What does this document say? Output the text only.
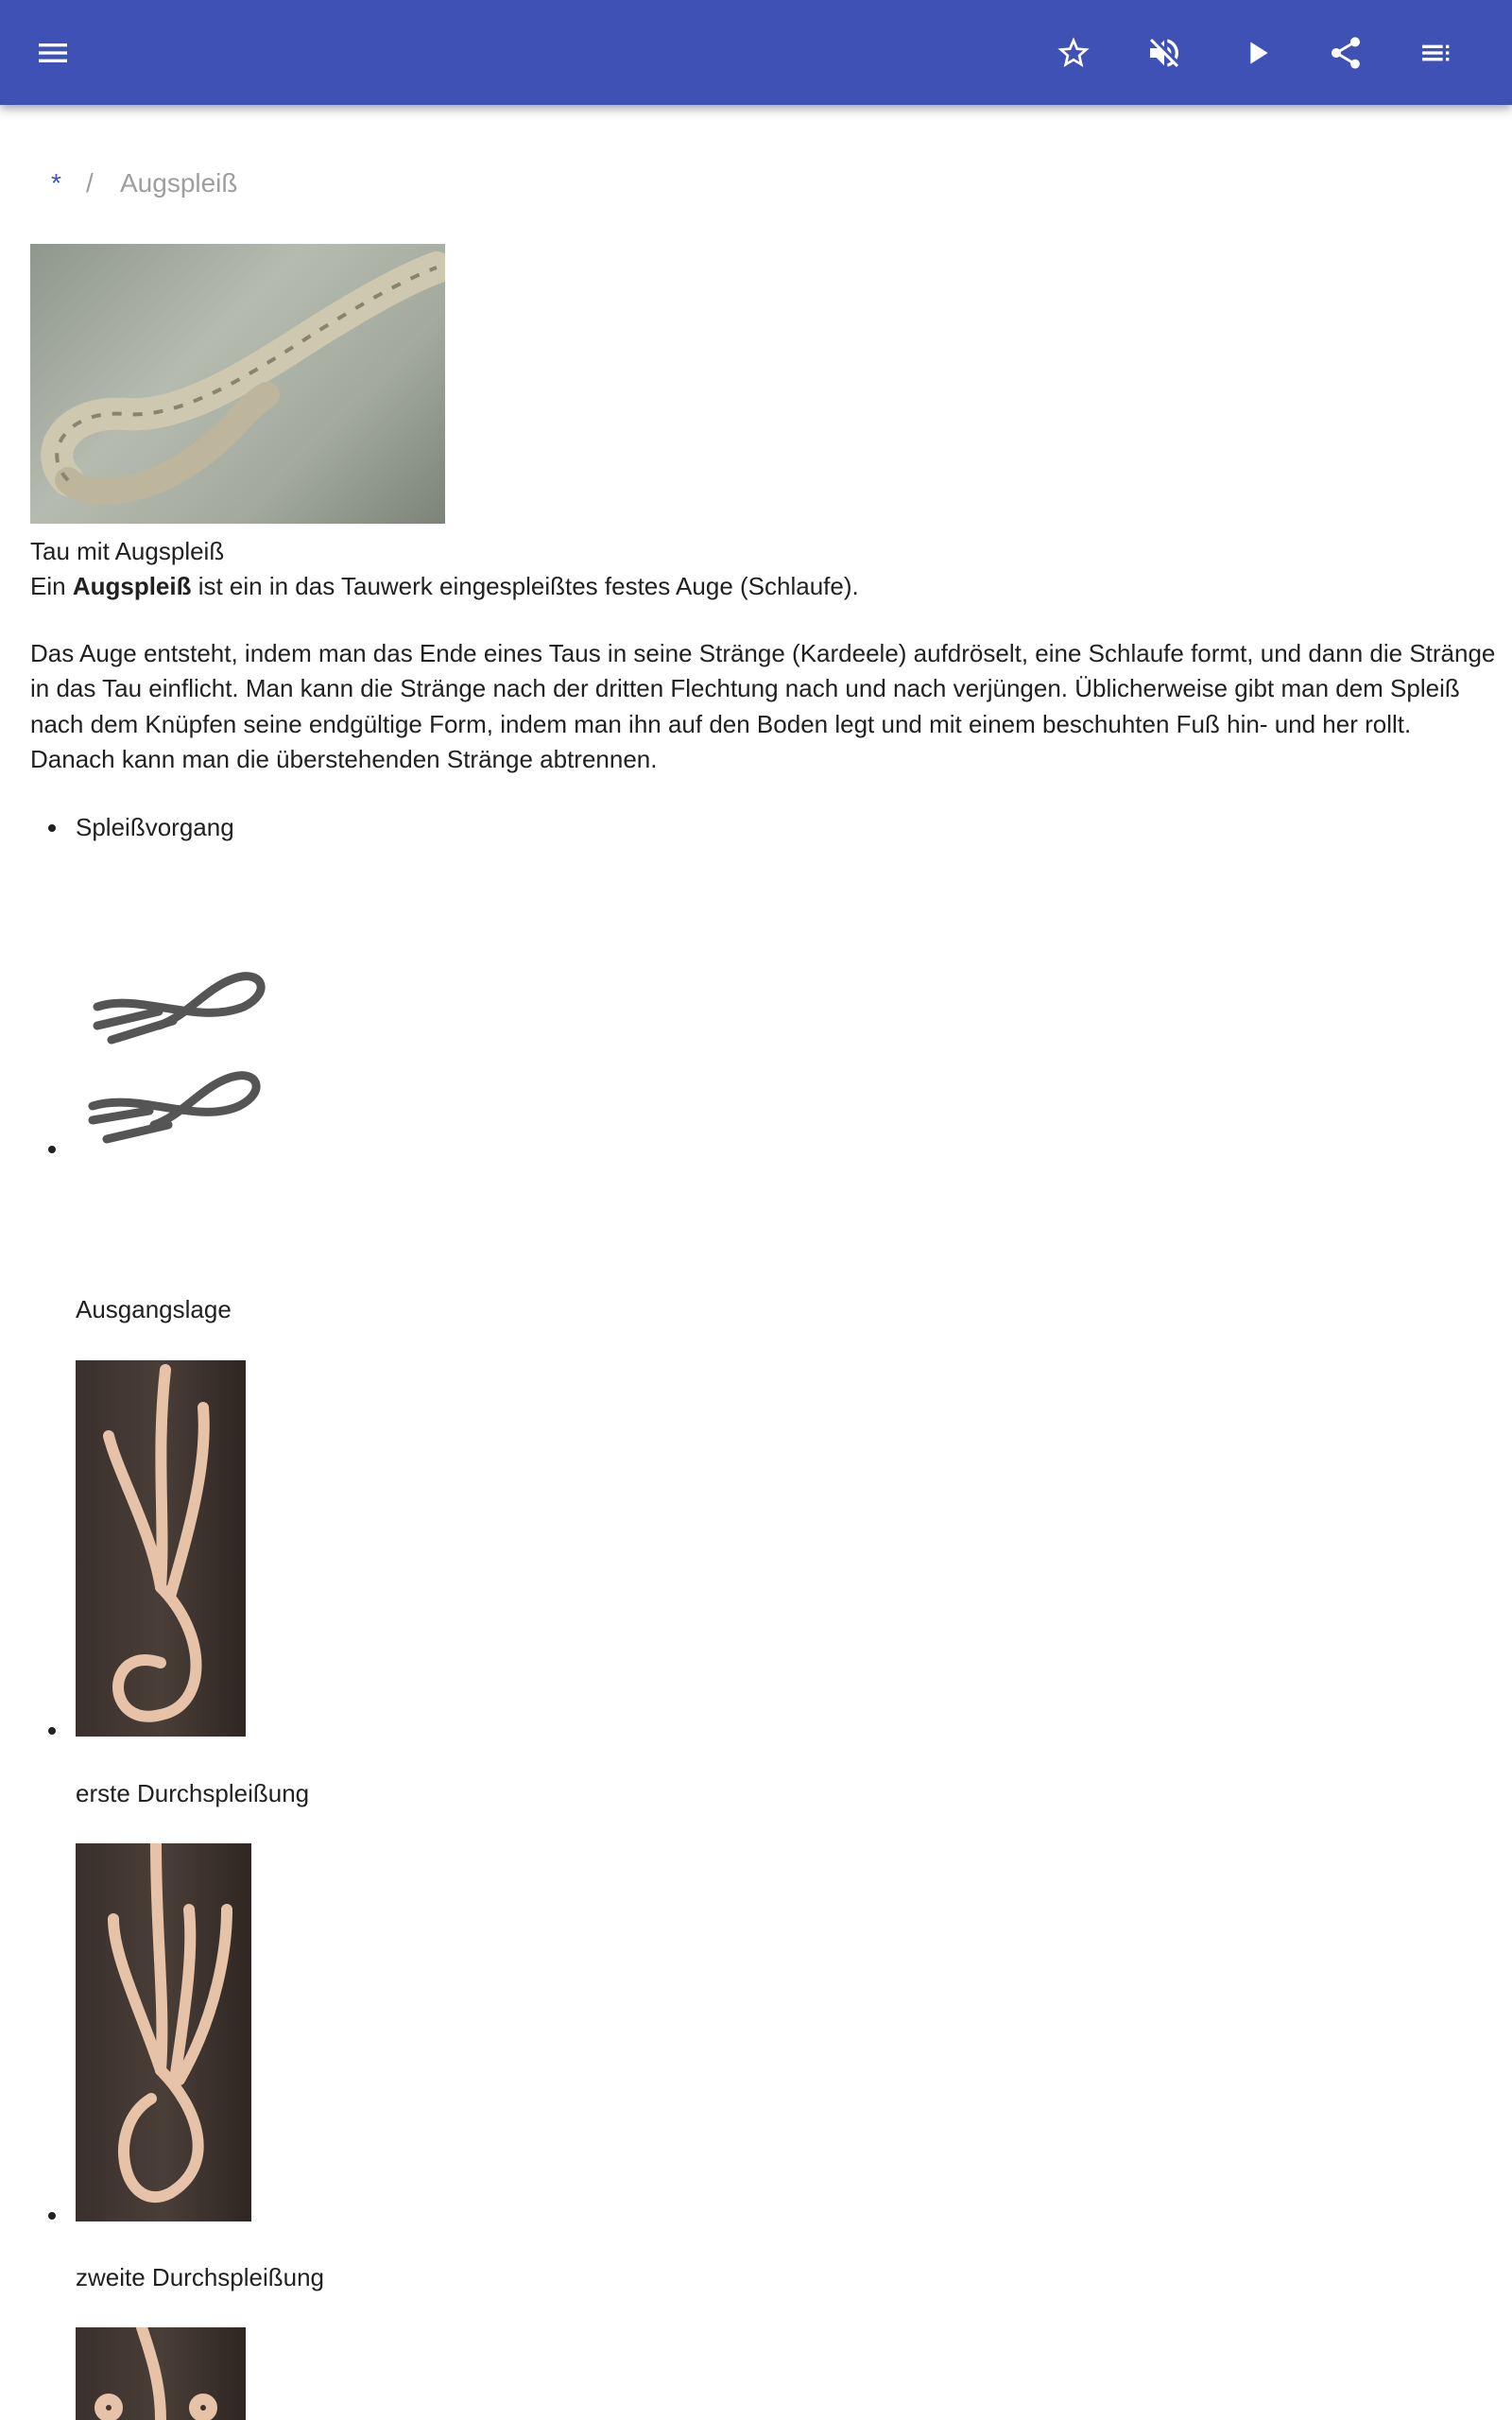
* / Augspleiß
Tau mit Augspleiß
Ein Augspleiß ist ein in das Tauwerk eingespleißtes festes Auge (Schlaufe).
Das Auge entsteht, indem man das Ende eines Taus in seine Stränge (Kardeele) aufdröselt, eine Schlaufe formt, und dann die Stränge
in das Tau einflicht. Man kann die Stränge nach der dritten Flechtung nach und nach verjüngen. Üblicherweise gibt man dem Spleiß
nach dem Knüpfen seine endgültige Form, indem man ihn auf den Boden legt und mit einem beschuhten Fuß hin- und her rollt.
Danach kann man die überstehenden Stränge abtrennen.
Spleißvorgang
Ausgangslage
erste Durchspleißung
zweite Durchspleißung
